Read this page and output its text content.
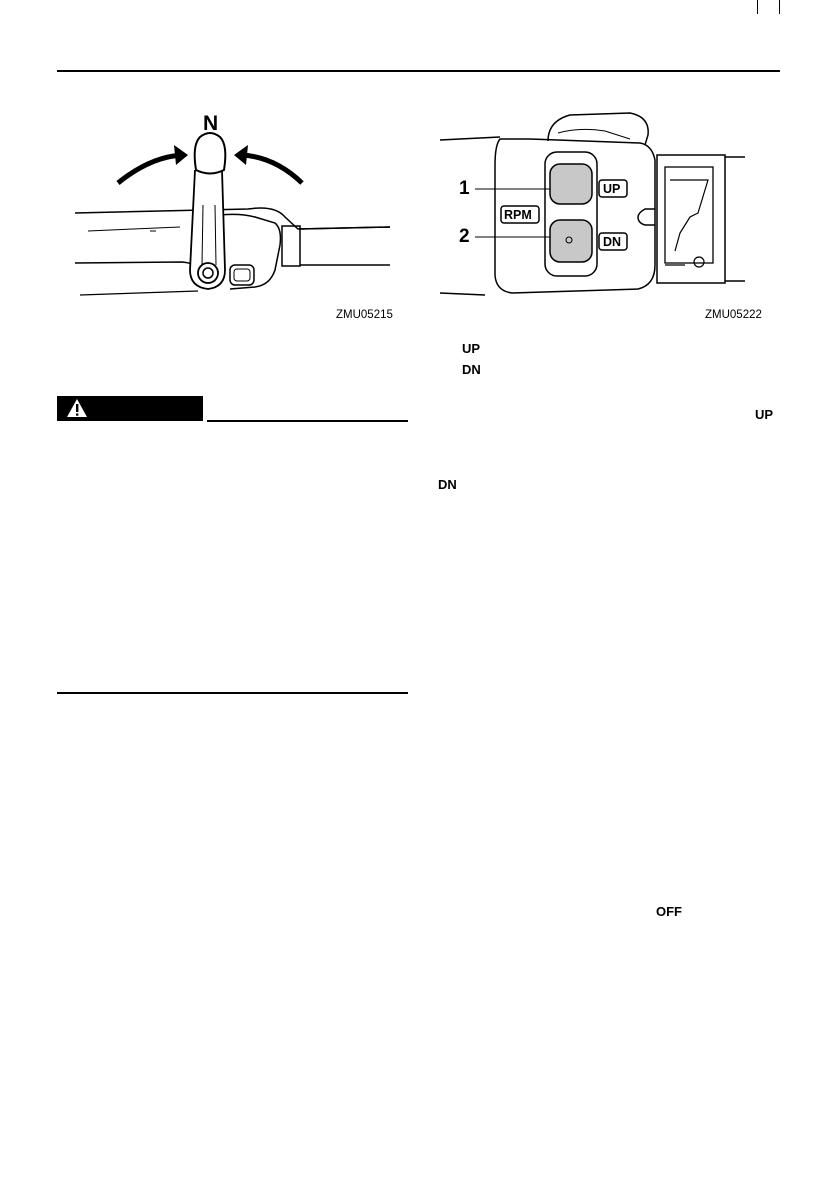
N
ZMU05215
1
2
RPM
UP
DN
ZMU05222
UP
DN
UP
DN
OFF
